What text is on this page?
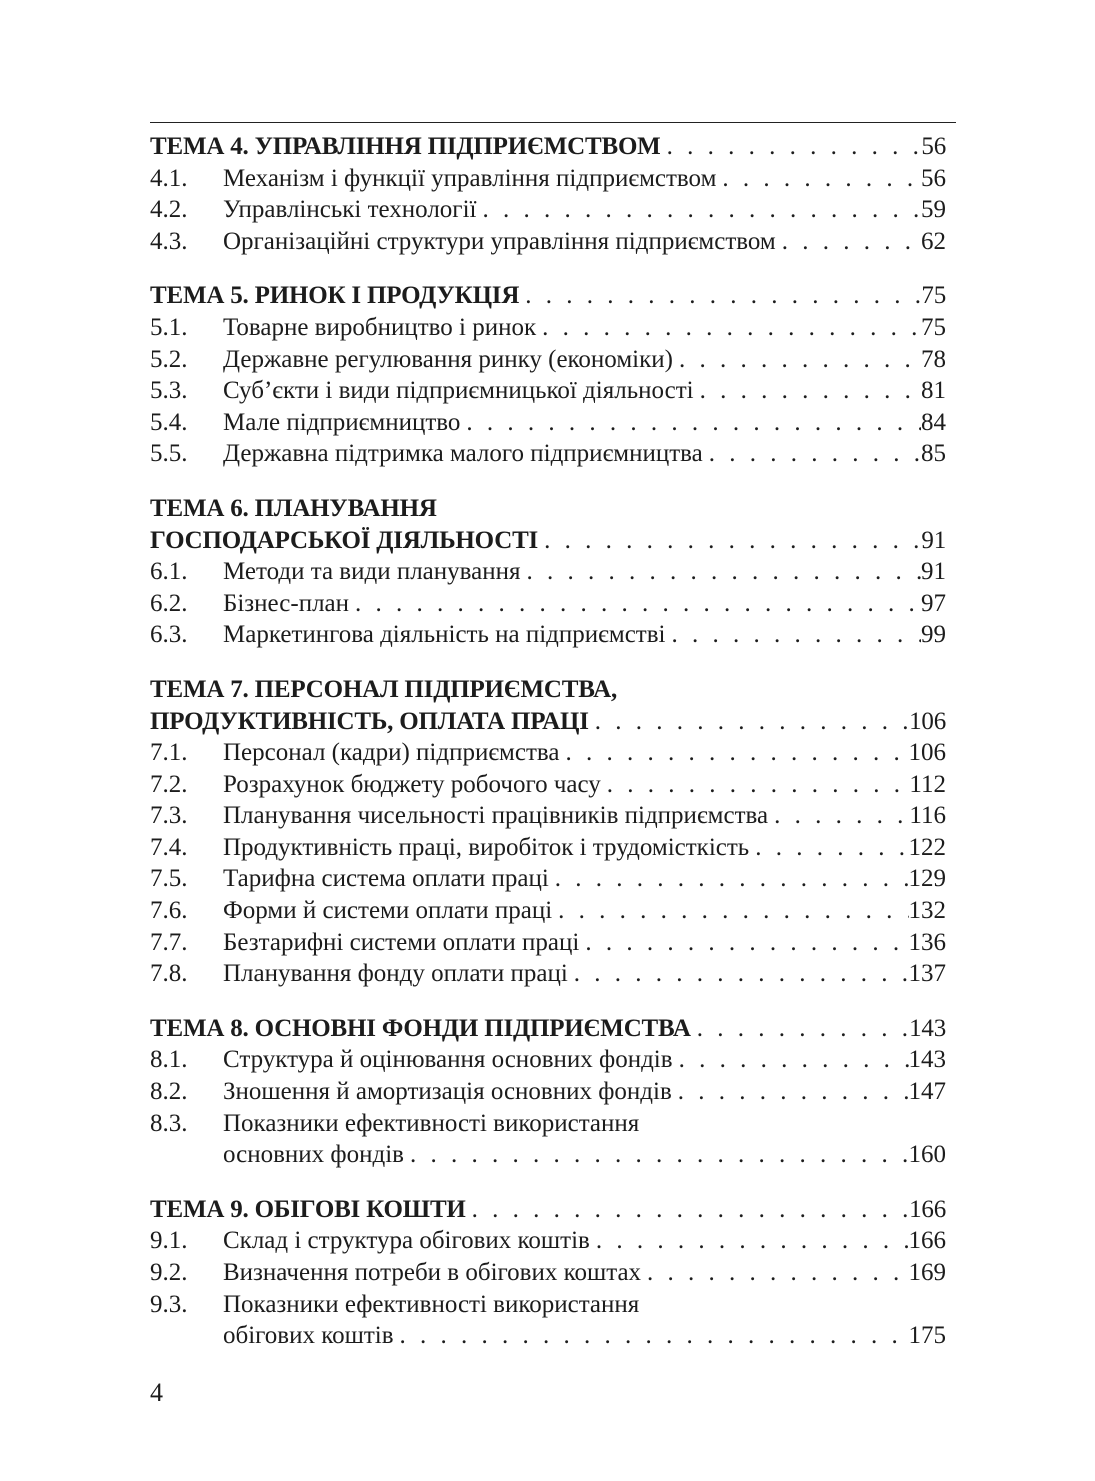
ТЕМА 4. УПРАВЛІННЯ ПІДПРИЄМСТВОМ . . .	56
4.1.	Механізм і функції управління підприємством . . .	56
4.2.	Управлінські технології . . .	59
4.3.	Організаційні структури управління підприємством . . .	62
ТЕМА 5. РИНОК І ПРОДУКЦІЯ . . .	75
5.1.	Товарне виробництво і ринок . . .	75
5.2.	Державне регулювання ринку (економіки) . . .	78
5.3.	Суб’єкти і види підприємницької діяльності . . .	81
5.4.	Мале підприємництво . . .	84
5.5.	Державна підтримка малого підприємництва . . .	85
ТЕМА 6. ПЛАНУВАННЯ
ГОСПОДАРСЬКОЇ ДІЯЛЬНОСТІ . . .	91
6.1.	Методи та види планування . . .	91
6.2.	Бізнес-план . . .	97
6.3.	Маркетингова діяльність на підприємстві . . .	99
ТЕМА 7. ПЕРСОНАЛ ПІДПРИЄМСТВА,
ПРОДУКТИВНІСТЬ, ОПЛАТА ПРАЦІ . . .	106
7.1.	Персонал (кадри) підприємства . . .	106
7.2.	Розрахунок бюджету робочого часу . . .	112
7.3.	Планування чисельності працівників підприємства . . .	116
7.4.	Продуктивність праці, виробіток і трудомісткість . . .	122
7.5.	Тарифна система оплати праці . . .	129
7.6.	Форми й системи оплати праці . . .	132
7.7.	Безтарифні системи оплати праці . . .	136
7.8.	Планування фонду оплати праці . . .	137
ТЕМА 8. ОСНОВНІ ФОНДИ ПІДПРИЄМСТВА . . .	143
8.1.	Структура й оцінювання основних фондів . . .	143
8.2.	Зношення й амортизація основних фондів . . .	147
8.3.	Показники ефективності використання
основних фондів . . .	160
ТЕМА 9. ОБІГОВІ КОШТИ . . .	166
9.1.	Склад і структура обігових коштів . . .	166
9.2.	Визначення потреби в обігових коштах . . .	169
9.3.	Показники ефективності використання
обігових коштів . . .	175
4
